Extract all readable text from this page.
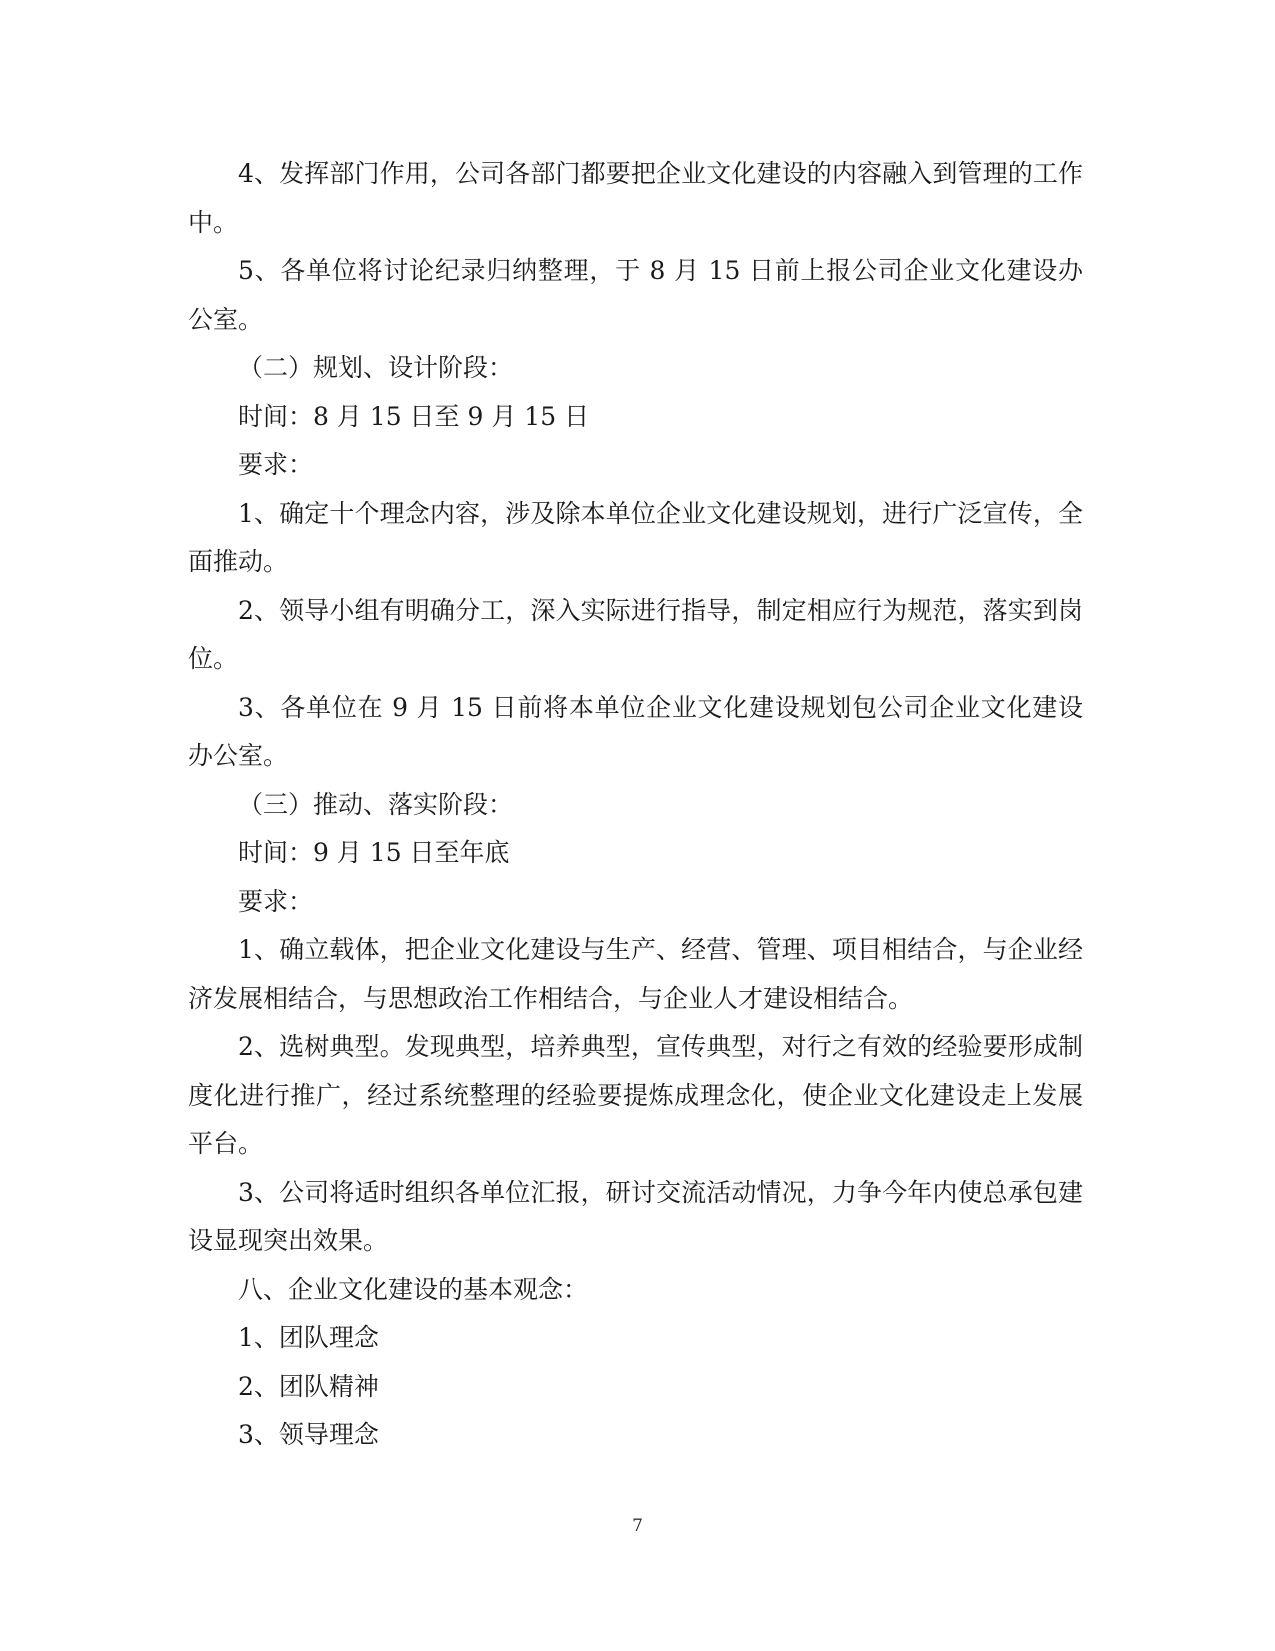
4、发挥部门作用，公司各部门都要把企业文化建设的内容融入到管理的工作中。

5、各单位将讨论纪录归纳整理，于 8 月 15 日前上报公司企业文化建设办公室。

（二）规划、设计阶段：

时间：8 月 15 日至 9 月 15 日

要求：

1、确定十个理念内容，涉及除本单位企业文化建设规划，进行广泛宣传，全面推动。

2、领导小组有明确分工，深入实际进行指导，制定相应行为规范，落实到岗位。

3、各单位在 9 月 15 日前将本单位企业文化建设规划包公司企业文化建设办公室。

（三）推动、落实阶段：

时间：9 月 15 日至年底

要求：

1、确立载体，把企业文化建设与生产、经营、管理、项目相结合，与企业经济发展相结合，与思想政治工作相结合，与企业人才建设相结合。

2、选树典型。发现典型，培养典型，宣传典型，对行之有效的经验要形成制度化进行推广，经过系统整理的经验要提炼成理念化，使企业文化建设走上发展平台。

3、公司将适时组织各单位汇报，研讨交流活动情况，力争今年内使总承包建设显现突出效果。

八、企业文化建设的基本观念：

1、团队理念

2、团队精神

3、领导理念

7
